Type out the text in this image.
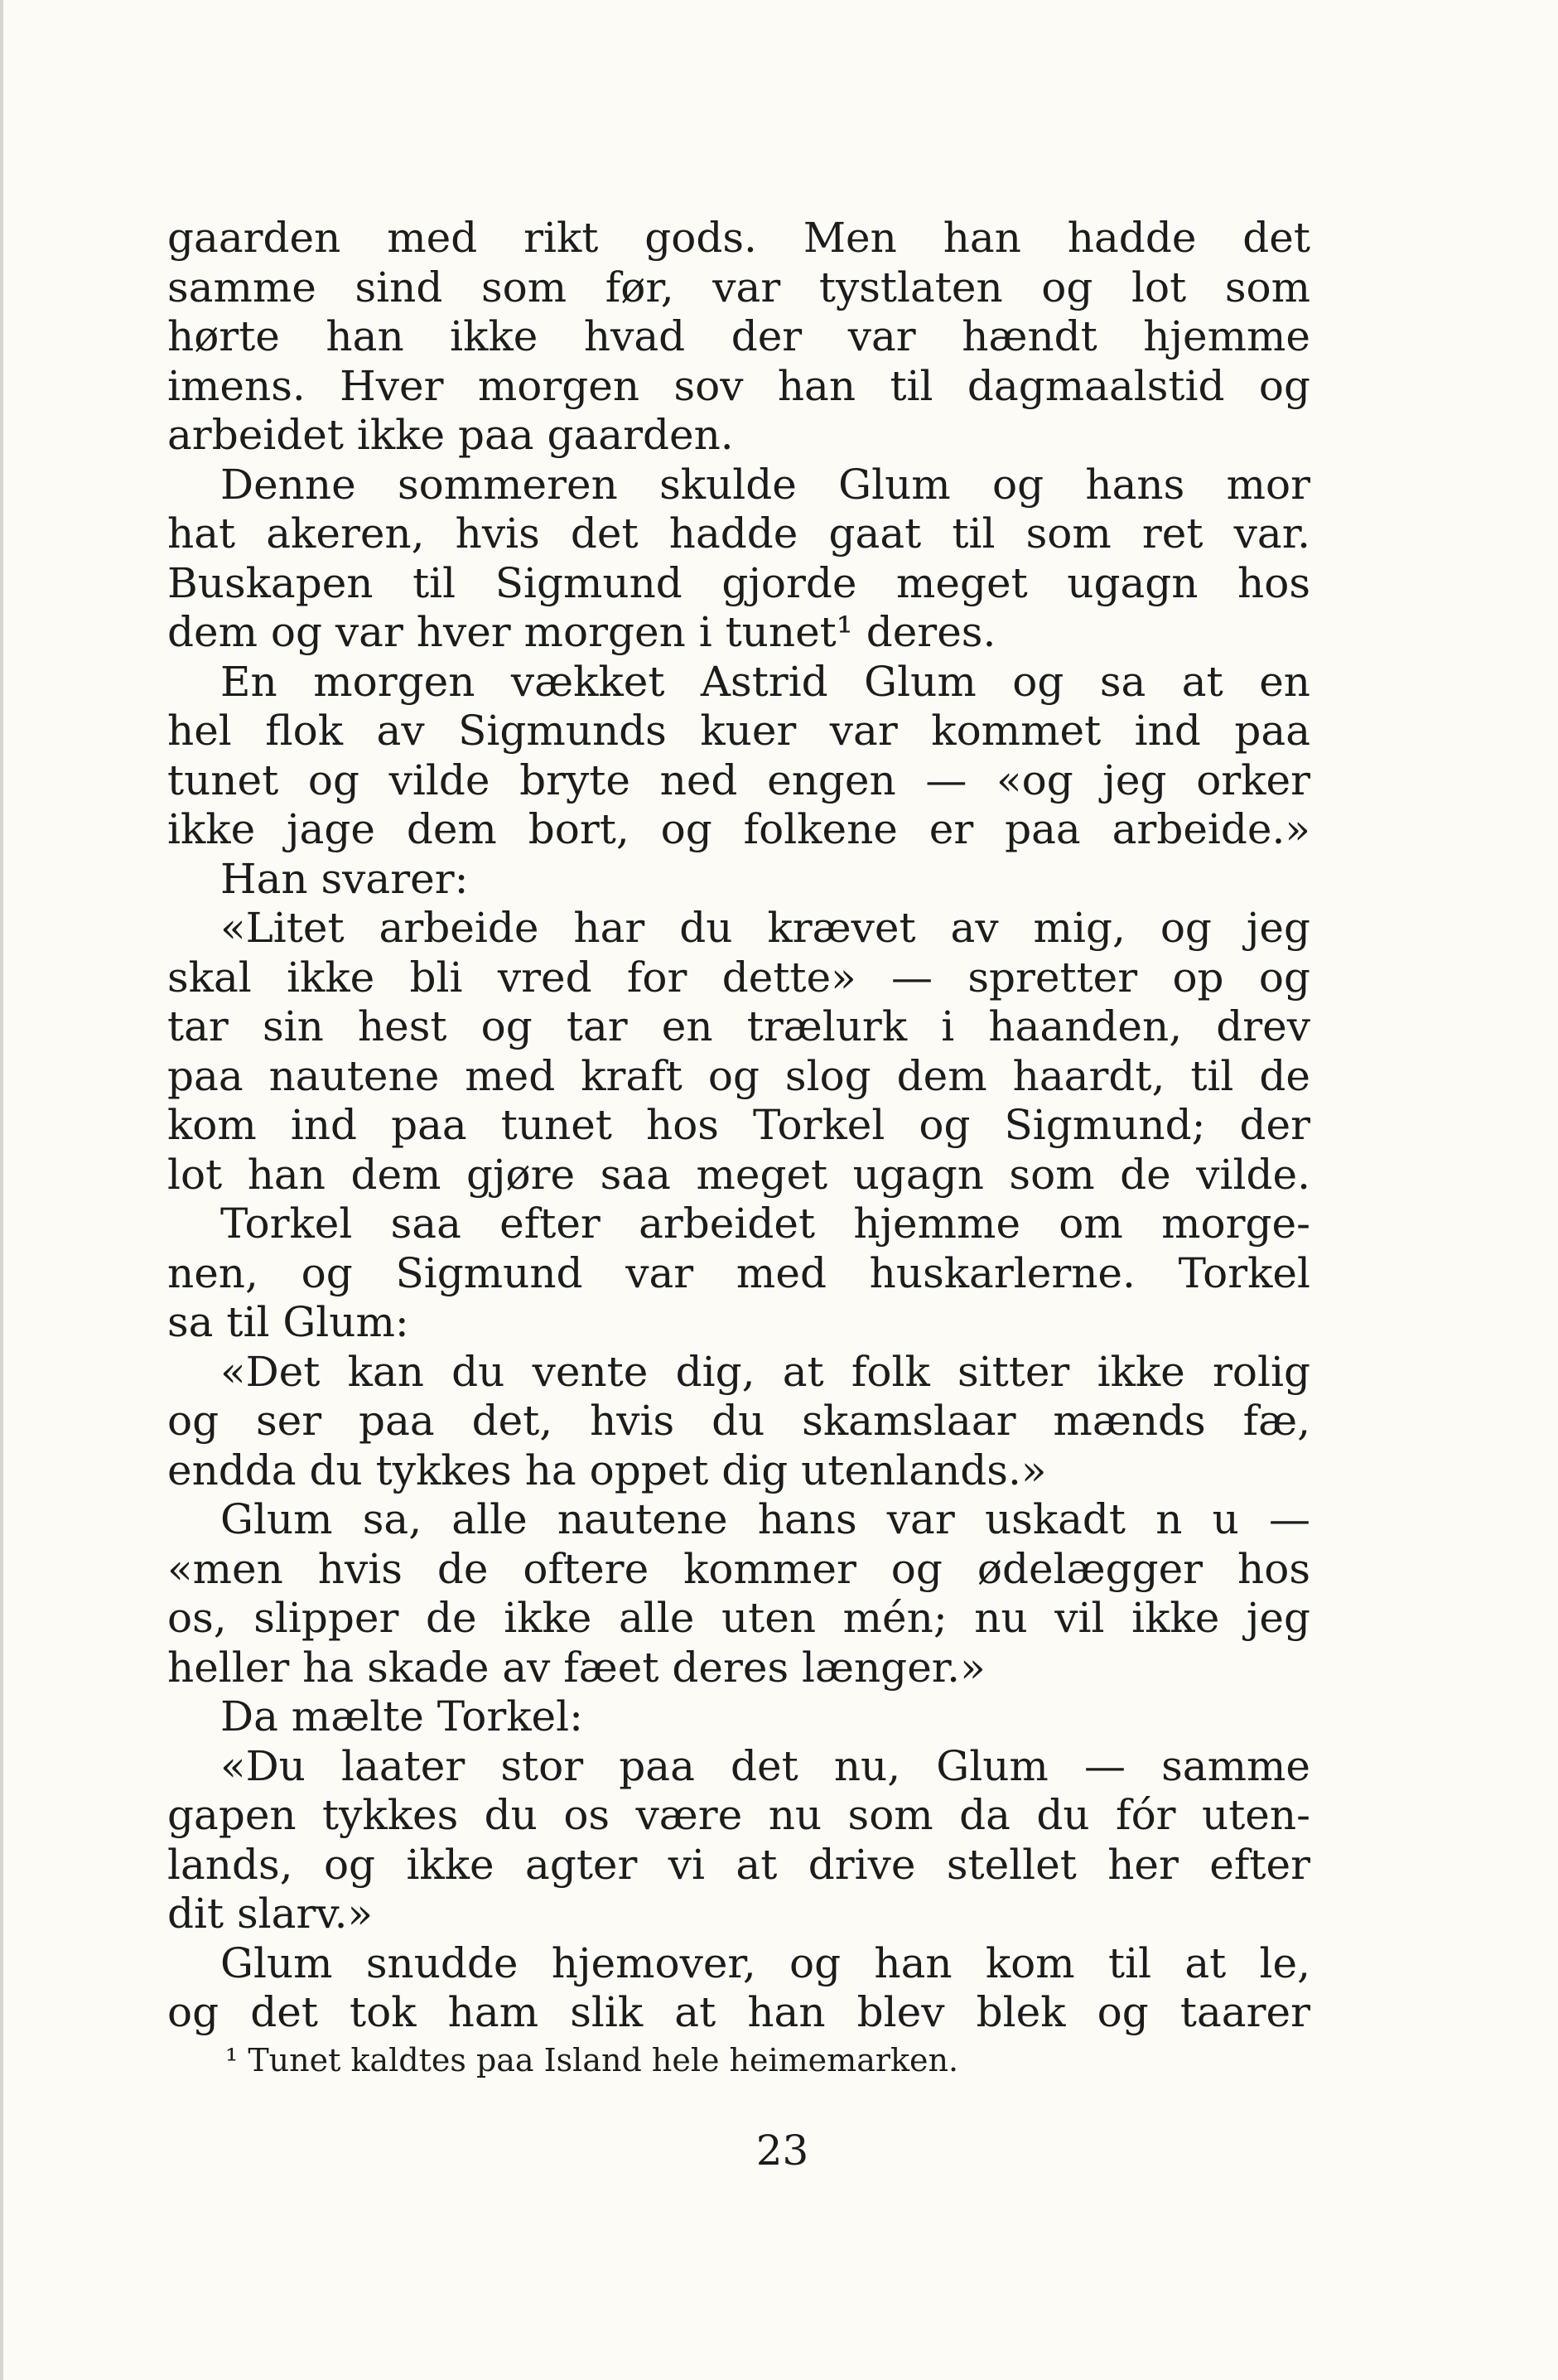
gaarden med rikt gods. Men han hadde det
samme sind som før, var tystlaten og lot som
hørte han ikke hvad der var hændt hjemme
imens. Hver morgen sov han til dagmaalstid og
arbeidet ikke paa gaarden.
Denne sommeren skulde Glum og hans mor
hat akeren, hvis det hadde gaat til som ret var.
Buskapen til Sigmund gjorde meget ugagn hos
dem og var hver morgen i tunet¹ deres.
En morgen vækket Astrid Glum og sa at en
hel flok av Sigmunds kuer var kommet ind paa
tunet og vilde bryte ned engen — «og jeg orker
ikke jage dem bort, og folkene er paa arbeide.»
Han svarer:
«Litet arbeide har du krævet av mig, og jeg
skal ikke bli vred for dette» — spretter op og
tar sin hest og tar en trælurk i haanden, drev
paa nautene med kraft og slog dem haardt, til de
kom ind paa tunet hos Torkel og Sigmund; der
lot han dem gjøre saa meget ugagn som de vilde.
Torkel saa efter arbeidet hjemme om morge-
nen, og Sigmund var med huskarlerne. Torkel
sa til Glum:
«Det kan du vente dig, at folk sitter ikke rolig
og ser paa det, hvis du skamslaar mænds fæ,
endda du tykkes ha oppet dig utenlands.»
Glum sa, alle nautene hans var uskadt n u —
«men hvis de oftere kommer og ødelægger hos
os, slipper de ikke alle uten mén; nu vil ikke jeg
heller ha skade av fæet deres længer.»
Da mælte Torkel:
«Du laater stor paa det nu, Glum — samme
gapen tykkes du os være nu som da du fór uten-
lands, og ikke agter vi at drive stellet her efter
dit slarv.»
Glum snudde hjemover, og han kom til at le,
og det tok ham slik at han blev blek og taarer
¹ Tunet kaldtes paa Island hele heimemarken.
23
